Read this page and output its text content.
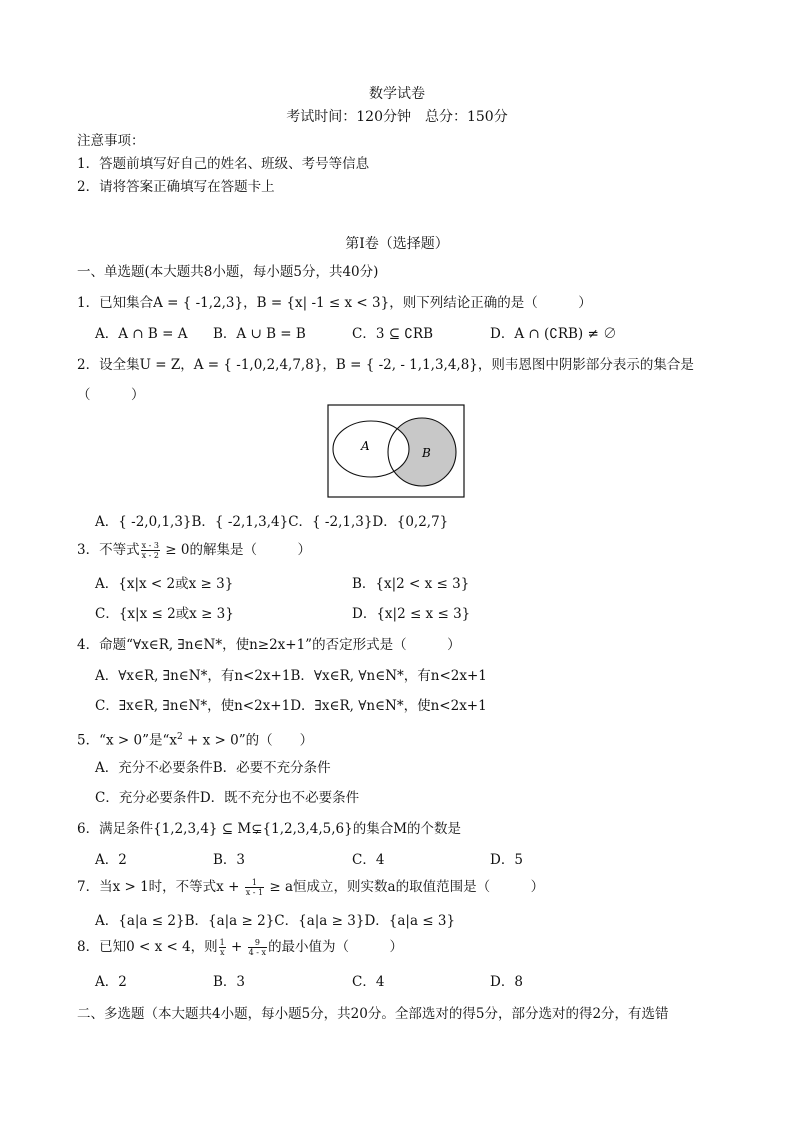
数学试卷
考试时间：120分钟　总分：150分
注意事项：
1．答题前填写好自己的姓名、班级、考号等信息
2．请将答案正确填写在答题卡上
第I卷（选择题）
一、单选题(本大题共8小题，每小题5分，共40分)
1．已知集合A = { -1,2,3}，B = {x| -1 ≤ x < 3}，则下列结论正确的是（　　　）
A．A ∩ B = A B．A ∪ B = B	C．3 ⊆ ∁RB	D．A ∩ (∁RB) ≠ ∅
2．设全集U = Z，A = { -1,0,2,4,7,8}，B = { -2, - 1,1,3,4,8}，则韦恩图中阴影部分表示的集合是
（　　　）
A	B
A．{ -2,0,1,3}B．{ -2,1,3,4}C．{ -2,1,3}D．{0,2,7}
3．不等式 $\frac{x - 3}{x - 2} \ge 0$的解集是（　　　）
A．{x|x < 2或x ≥ 3}	B．{x|2 < x ≤ 3}
C．{x|x ≤ 2或x ≥ 3}	D．{x|2 ≤ x ≤ 3}
4．命题“∀x∈R, ∃n∈N*，使n≥2x+1”的否定形式是（　　　）
A．∀x∈R, ∃n∈N*，有n<2x+1B．∀x∈R, ∀n∈N*，有n<2x+1
C．∃x∈R, ∃n∈N*，使n<2x+1D．∃x∈R, ∀n∈N*，使n<2x+1
5．“x > 0”是“$x^2 + x > 0$”的（　　）
A．充分不必要条件B．必要不充分条件
C．充分必要条件D．既不充分也不必要条件
6．满足条件{1,2,3,4} ⊆ M⊊{1,2,3,4,5,6}的集合M的个数是
A．2	B．3	C．4	D．5
7．当x > 1时，不等式$x + \frac{1}{x - 1} \ge a$恒成立，则实数a的取值范围是（　　　）
A．{a|a ≤ 2}B．{a|a ≥ 2}C．{a|a ≥ 3}D．{a|a ≤ 3}
8．已知0 < x < 4，则 $\frac{1}{x} + \frac{9}{4 - x}$ 的最小值为（　　　）
A．2	B．3	C．4	D．8
二、多选题（本大题共4小题，每小题5分，共20分。全部选对的得5分，部分选对的得2分，有选错
